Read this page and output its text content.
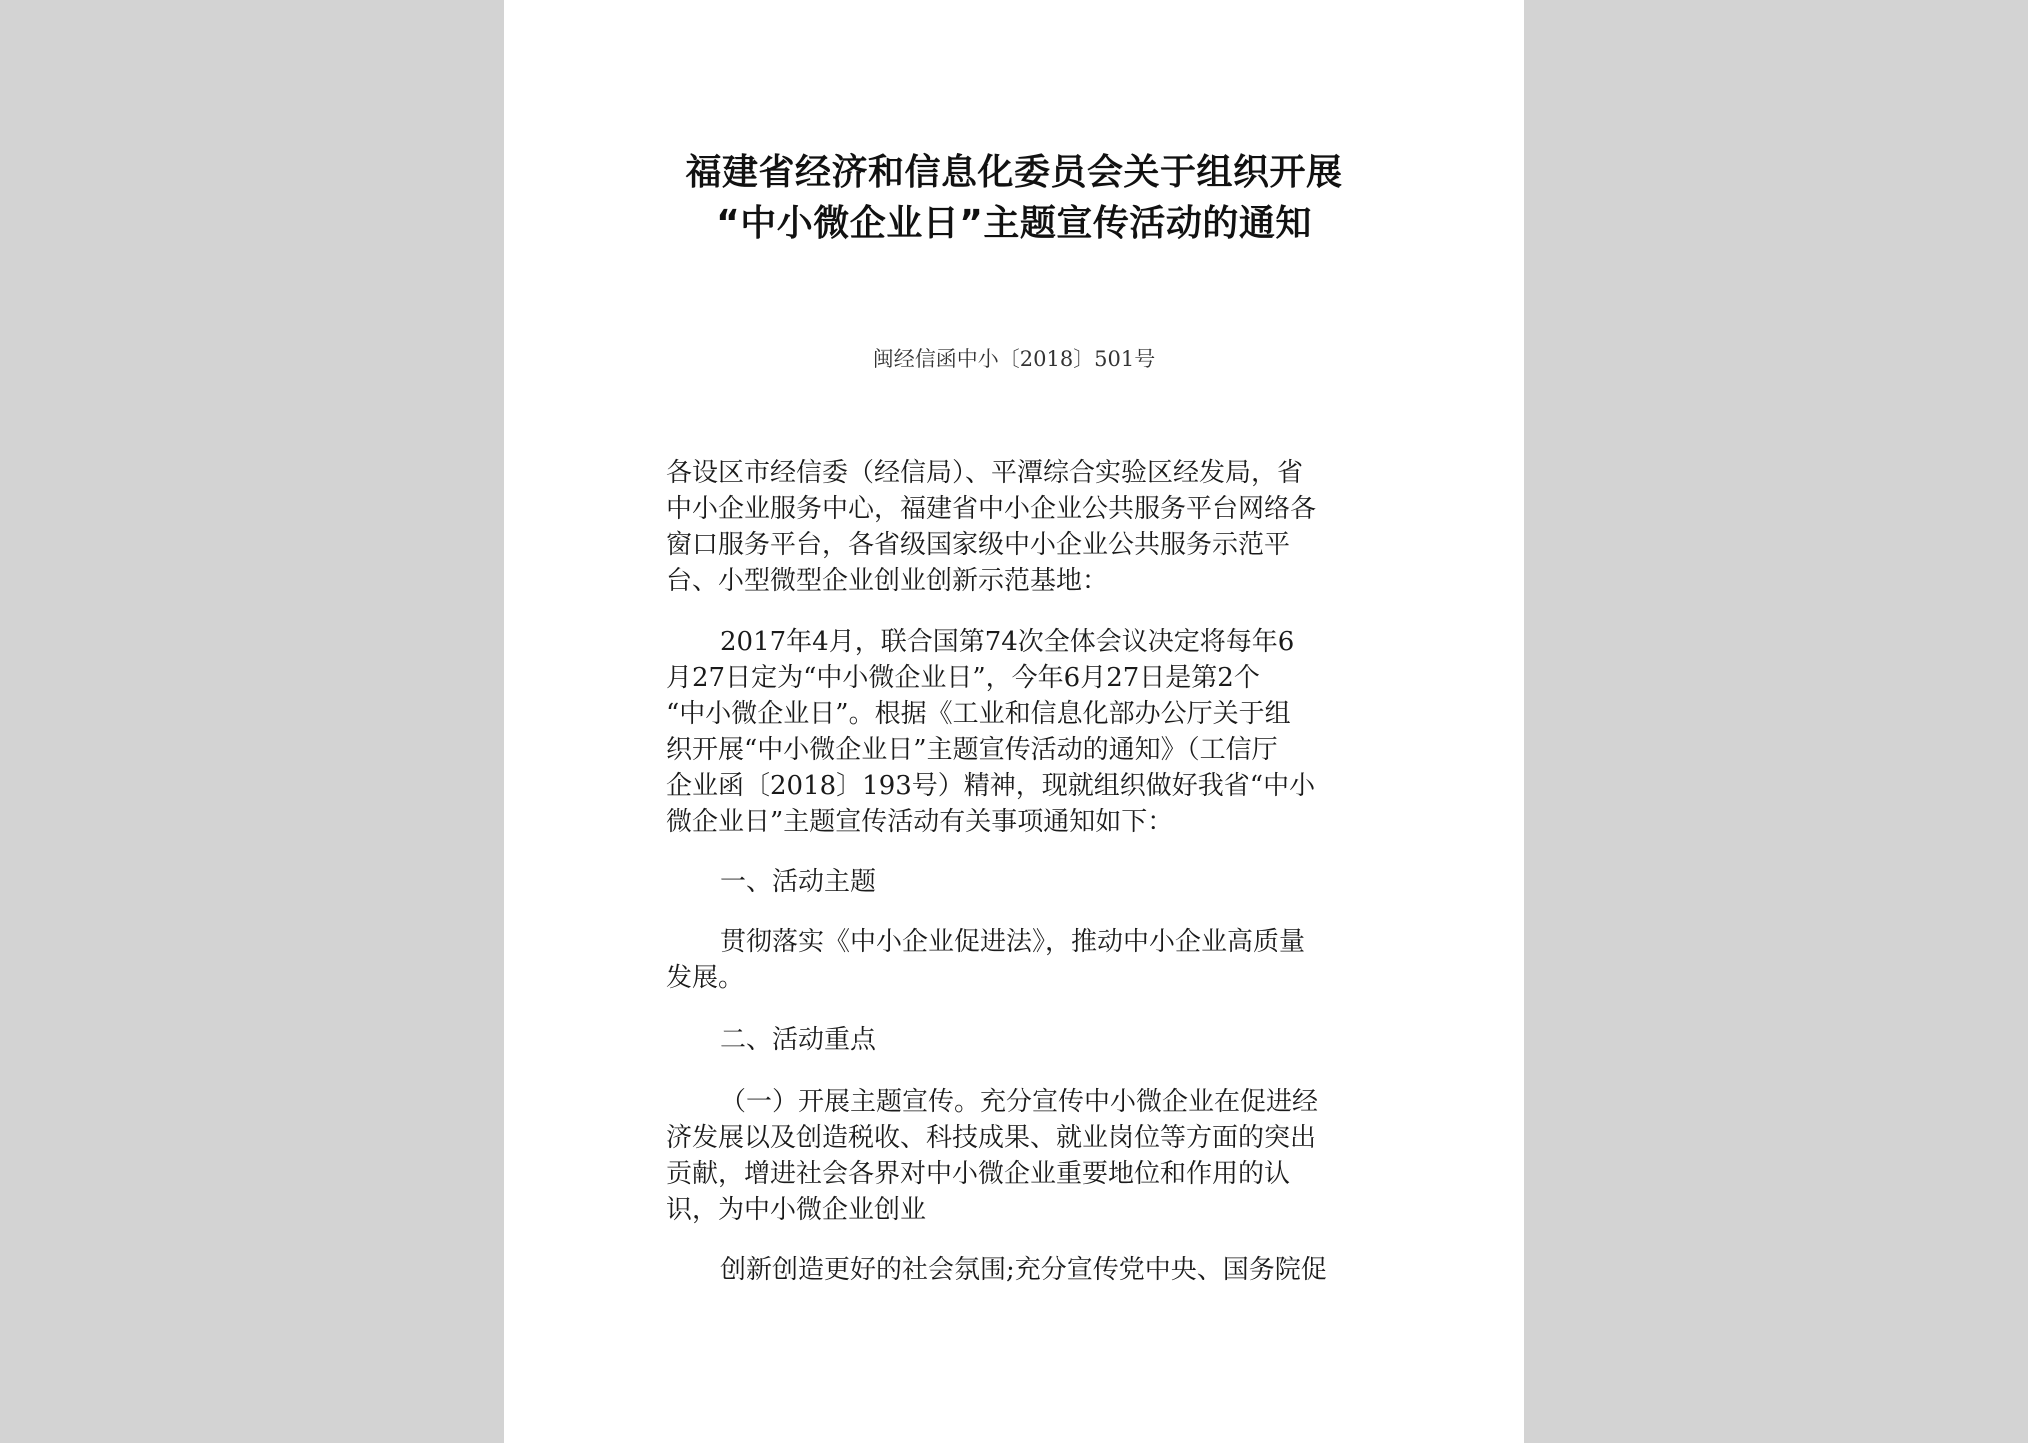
福建省经济和信息化委员会关于组织开展
“中小微企业日”主题宣传活动的通知
闽经信函中小〔2018〕501号
各设区市经信委（经信局）、平潭综合实验区经发局，省
中小企业服务中心，福建省中小企业公共服务平台网络各
窗口服务平台，各省级国家级中小企业公共服务示范平
台、小型微型企业创业创新示范基地：
2017年4月，联合国第74次全体会议决定将每年6
月27日定为“中小微企业日”，今年6月27日是第2个
“中小微企业日”。根据《工业和信息化部办公厅关于组
织开展“中小微企业日”主题宣传活动的通知》（工信厅
企业函〔2018〕193号）精神，现就组织做好我省“中小
微企业日”主题宣传活动有关事项通知如下：
一、活动主题
贯彻落实《中小企业促进法》，推动中小企业高质量
发展。
二、活动重点
（一）开展主题宣传。充分宣传中小微企业在促进经
济发展以及创造税收、科技成果、就业岗位等方面的突出
贡献，增进社会各界对中小微企业重要地位和作用的认
识，为中小微企业创业
创新创造更好的社会氛围;充分宣传党中央、国务院促
